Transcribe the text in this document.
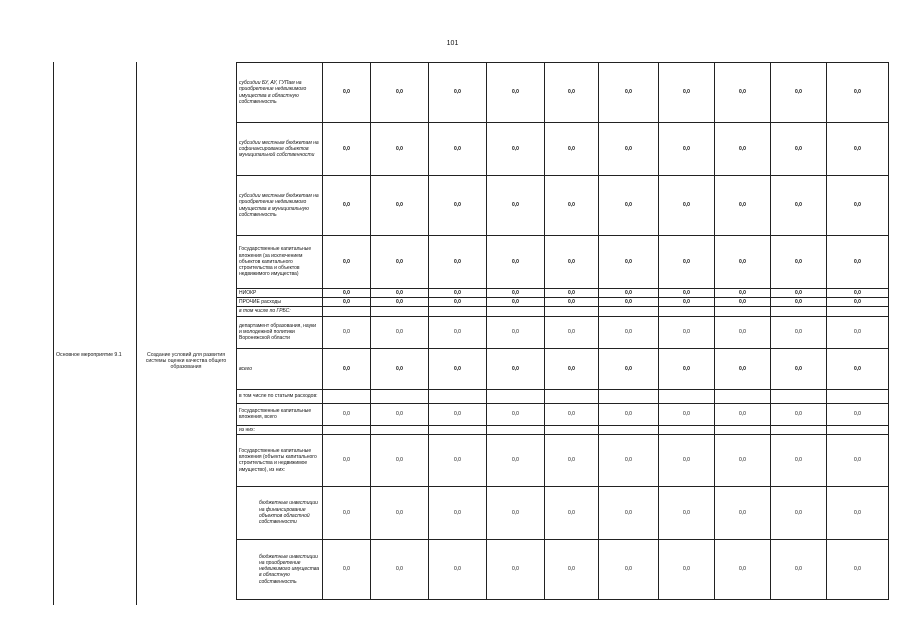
101
Основное мероприятие 9.1	Создание условий для развития
системы оценки качества общего
образования
субсидии БУ, АУ, ГУПам на приобретение недвижимого имущества в областную собственность	0,0	0,0	0,0	0,0	0,0	0,0	0,0	0,0	0,0	0,0
субсидии местным бюджетам на софинансирование объектов муниципальной собственности	0,0	0,0	0,0	0,0	0,0	0,0	0,0	0,0	0,0	0,0
субсидии местным бюджетам на приобретение недвижимого имущества в муниципальную собственность	0,0	0,0	0,0	0,0	0,0	0,0	0,0	0,0	0,0	0,0
Государственные капитальные вложения (за исключением объектов капитального строительства и объектов недвижимого имущества)	0,0	0,0	0,0	0,0	0,0	0,0	0,0	0,0	0,0	0,0
НИОКР	0,0	0,0	0,0	0,0	0,0	0,0	0,0	0,0	0,0	0,0
ПРОЧИЕ расходы	0,0	0,0	0,0	0,0	0,0	0,0	0,0	0,0	0,0	0,0
в том числе по ГРБС:										
департамент образования, науки и молодежной политики Воронежской области	0,0	0,0	0,0	0,0	0,0	0,0	0,0	0,0	0,0	0,0
всего	0,0	0,0	0,0	0,0	0,0	0,0	0,0	0,0	0,0	0,0
в том числе по статьям расходов:										
Государственные капитальные вложения, всего	0,0	0,0	0,0	0,0	0,0	0,0	0,0	0,0	0,0	0,0
из них:										
Государственные капитальные вложения (объекты капитального строительства и недвижимое имущество), из них:	0,0	0,0	0,0	0,0	0,0	0,0	0,0	0,0	0,0	0,0
бюджетные инвестиции на финансирование объектов областной собственности	0,0	0,0	0,0	0,0	0,0	0,0	0,0	0,0	0,0	0,0
бюджетные инвестиции на приобретение недвижимого имущества в областную собственность	0,0	0,0	0,0	0,0	0,0	0,0	0,0	0,0	0,0	0,0
